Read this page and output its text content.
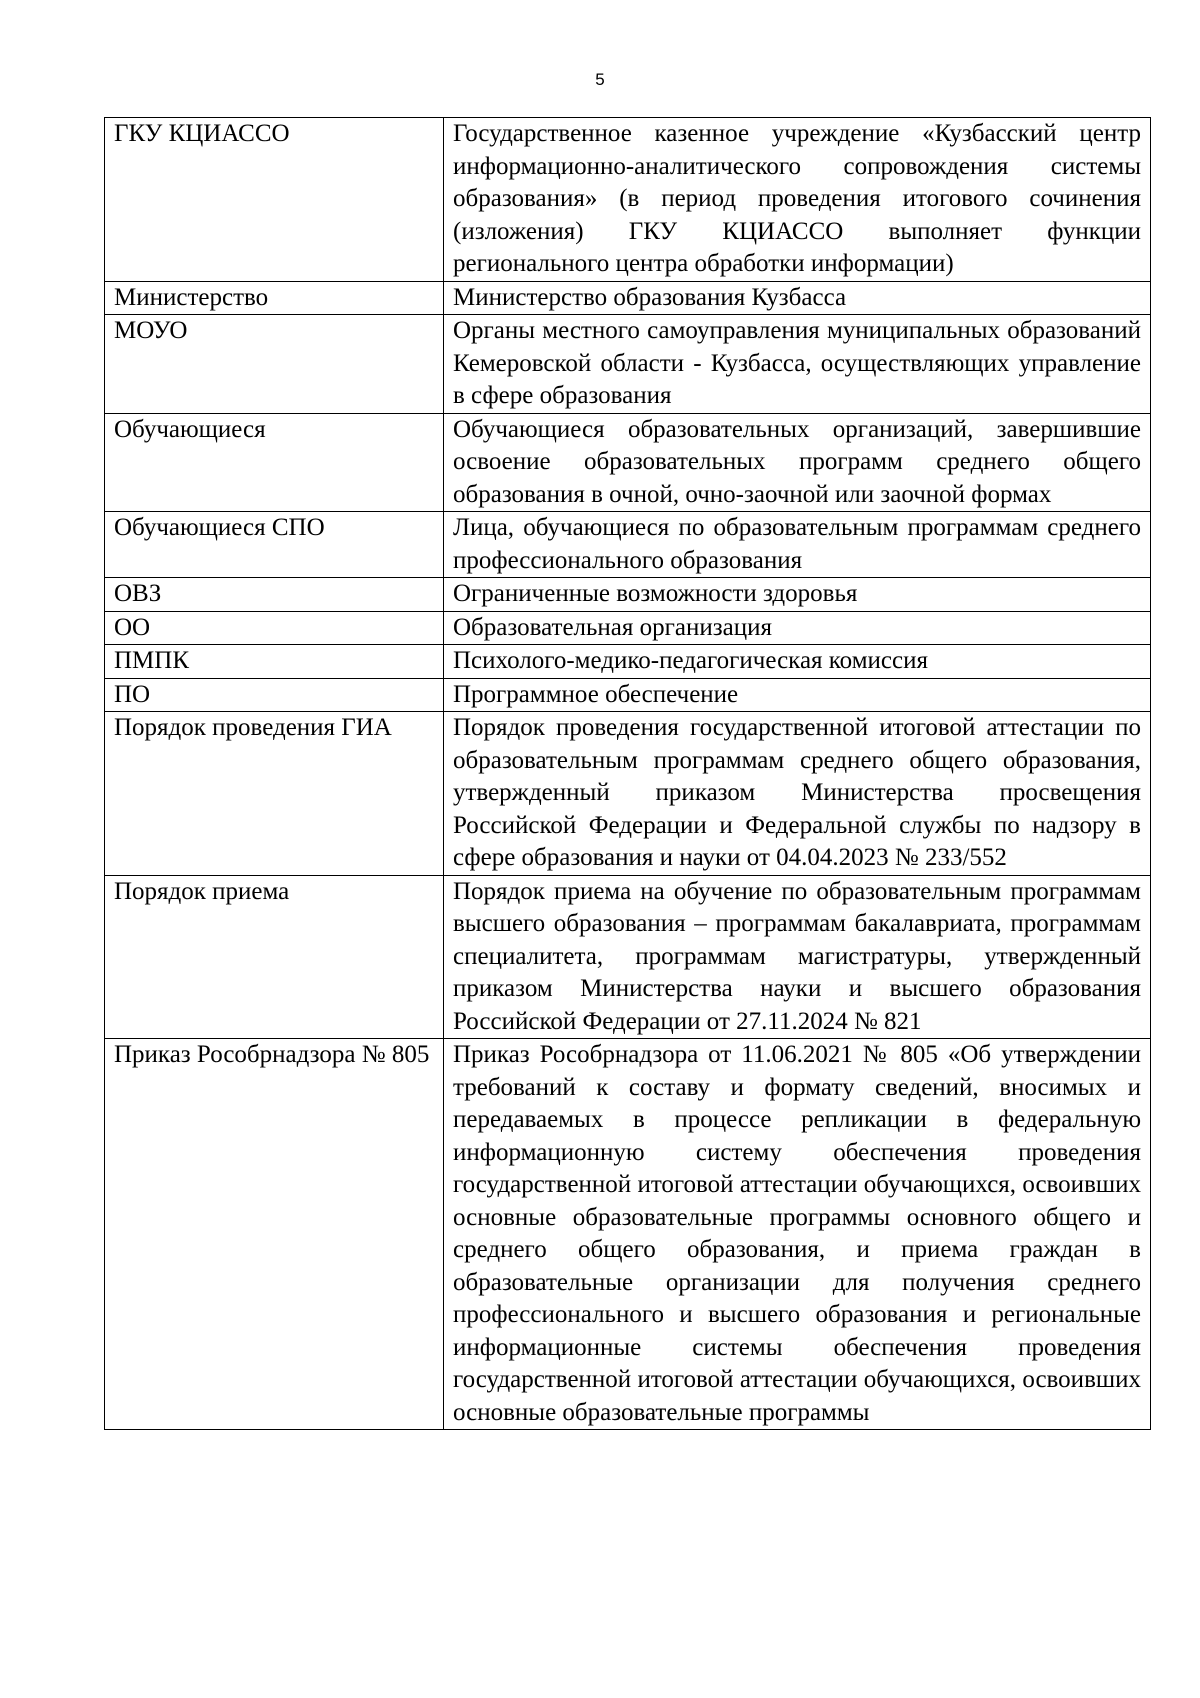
5
ГКУ КЦИАССО	Государственное казенное учреждение «Кузбасский центр информационно-аналитического сопровождения системы образования» (в период проведения итогового сочинения (изложения) ГКУ КЦИАССО выполняет функции регионального центра обработки информации)
Министерство	Министерство образования Кузбасса
МОУО	Органы местного самоуправления муниципальных образований Кемеровской области - Кузбасса, осуществляющих управление в сфере образования
Обучающиеся	Обучающиеся образовательных организаций, завершившие освоение образовательных программ среднего общего образования в очной, очно-заочной или заочной формах
Обучающиеся СПО	Лица, обучающиеся по образовательным программам среднего профессионального образования
ОВЗ	Ограниченные возможности здоровья
ОО	Образовательная организация
ПМПК	Психолого-медико-педагогическая комиссия
ПО	Программное обеспечение
Порядок проведения ГИА	Порядок проведения государственной итоговой аттестации по образовательным программам среднего общего образования, утвержденный приказом Министерства просвещения Российской Федерации и Федеральной службы по надзору в сфере образования и науки от 04.04.2023 № 233/552
Порядок приема	Порядок приема на обучение по образовательным программам высшего образования – программам бакалавриата, программам специалитета, программам магистратуры, утвержденный приказом Министерства науки и высшего образования Российской Федерации от 27.11.2024 № 821
Приказ Рособрнадзора № 805	Приказ Рособрнадзора от 11.06.2021 № 805 «Об утверждении требований к составу и формату сведений, вносимых и передаваемых в процессе репликации в федеральную информационную систему обеспечения проведения государственной итоговой аттестации обучающихся, освоивших основные образовательные программы основного общего и среднего общего образования, и приема граждан в образовательные организации для получения среднего профессионального и высшего образования и региональные информационные системы обеспечения проведения государственной итоговой аттестации обучающихся, освоивших основные образовательные программы
